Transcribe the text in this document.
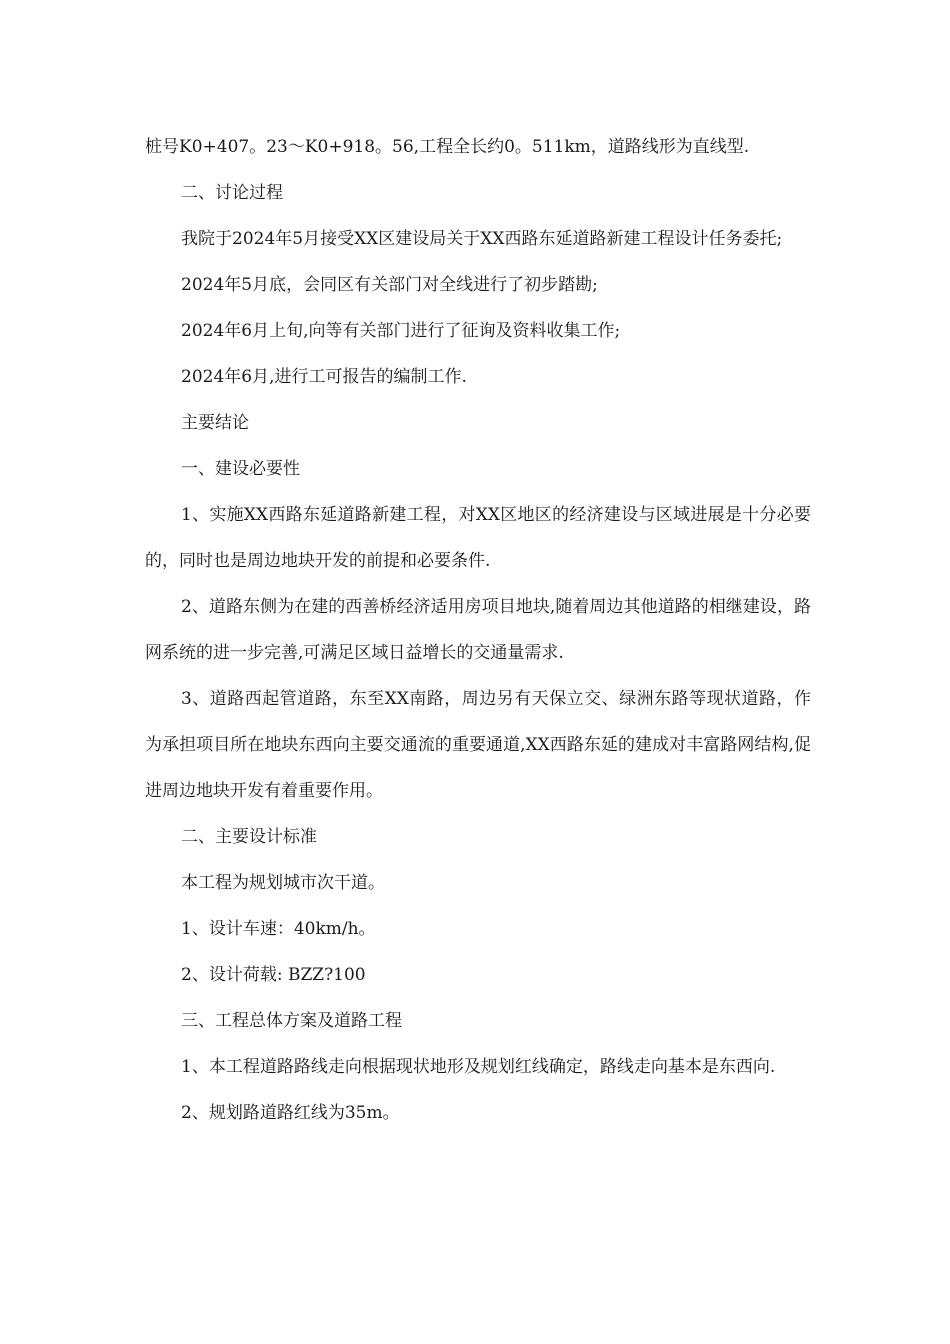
桩号K0+407。23～K0+918。56,工程全长约0。511km，道路线形为直线型.

二、讨论过程

我院于2024年5月接受XX区建设局关于XX西路东延道路新建工程设计任务委托;

2024年5月底，会同区有关部门对全线进行了初步踏勘;

2024年6月上旬,向等有关部门进行了征询及资料收集工作;

2024年6月,进行工可报告的编制工作.

主要结论

一、建设必要性

1、实施XX西路东延道路新建工程，对XX区地区的经济建设与区域进展是十分必要的，同时也是周边地块开发的前提和必要条件.

2、道路东侧为在建的西善桥经济适用房项目地块,随着周边其他道路的相继建设，路网系统的进一步完善,可满足区域日益增长的交通量需求.

3、道路西起管道路，东至XX南路，周边另有天保立交、绿洲东路等现状道路，作为承担项目所在地块东西向主要交通流的重要通道,XX西路东延的建成对丰富路网结构,促进周边地块开发有着重要作用。

二、主要设计标准

本工程为规划城市次干道。

1、设计车速：40km/h。

2、设计荷载: BZZ?100

三、工程总体方案及道路工程

1、本工程道路路线走向根据现状地形及规划红线确定，路线走向基本是东西向.

2、规划路道路红线为35m。
